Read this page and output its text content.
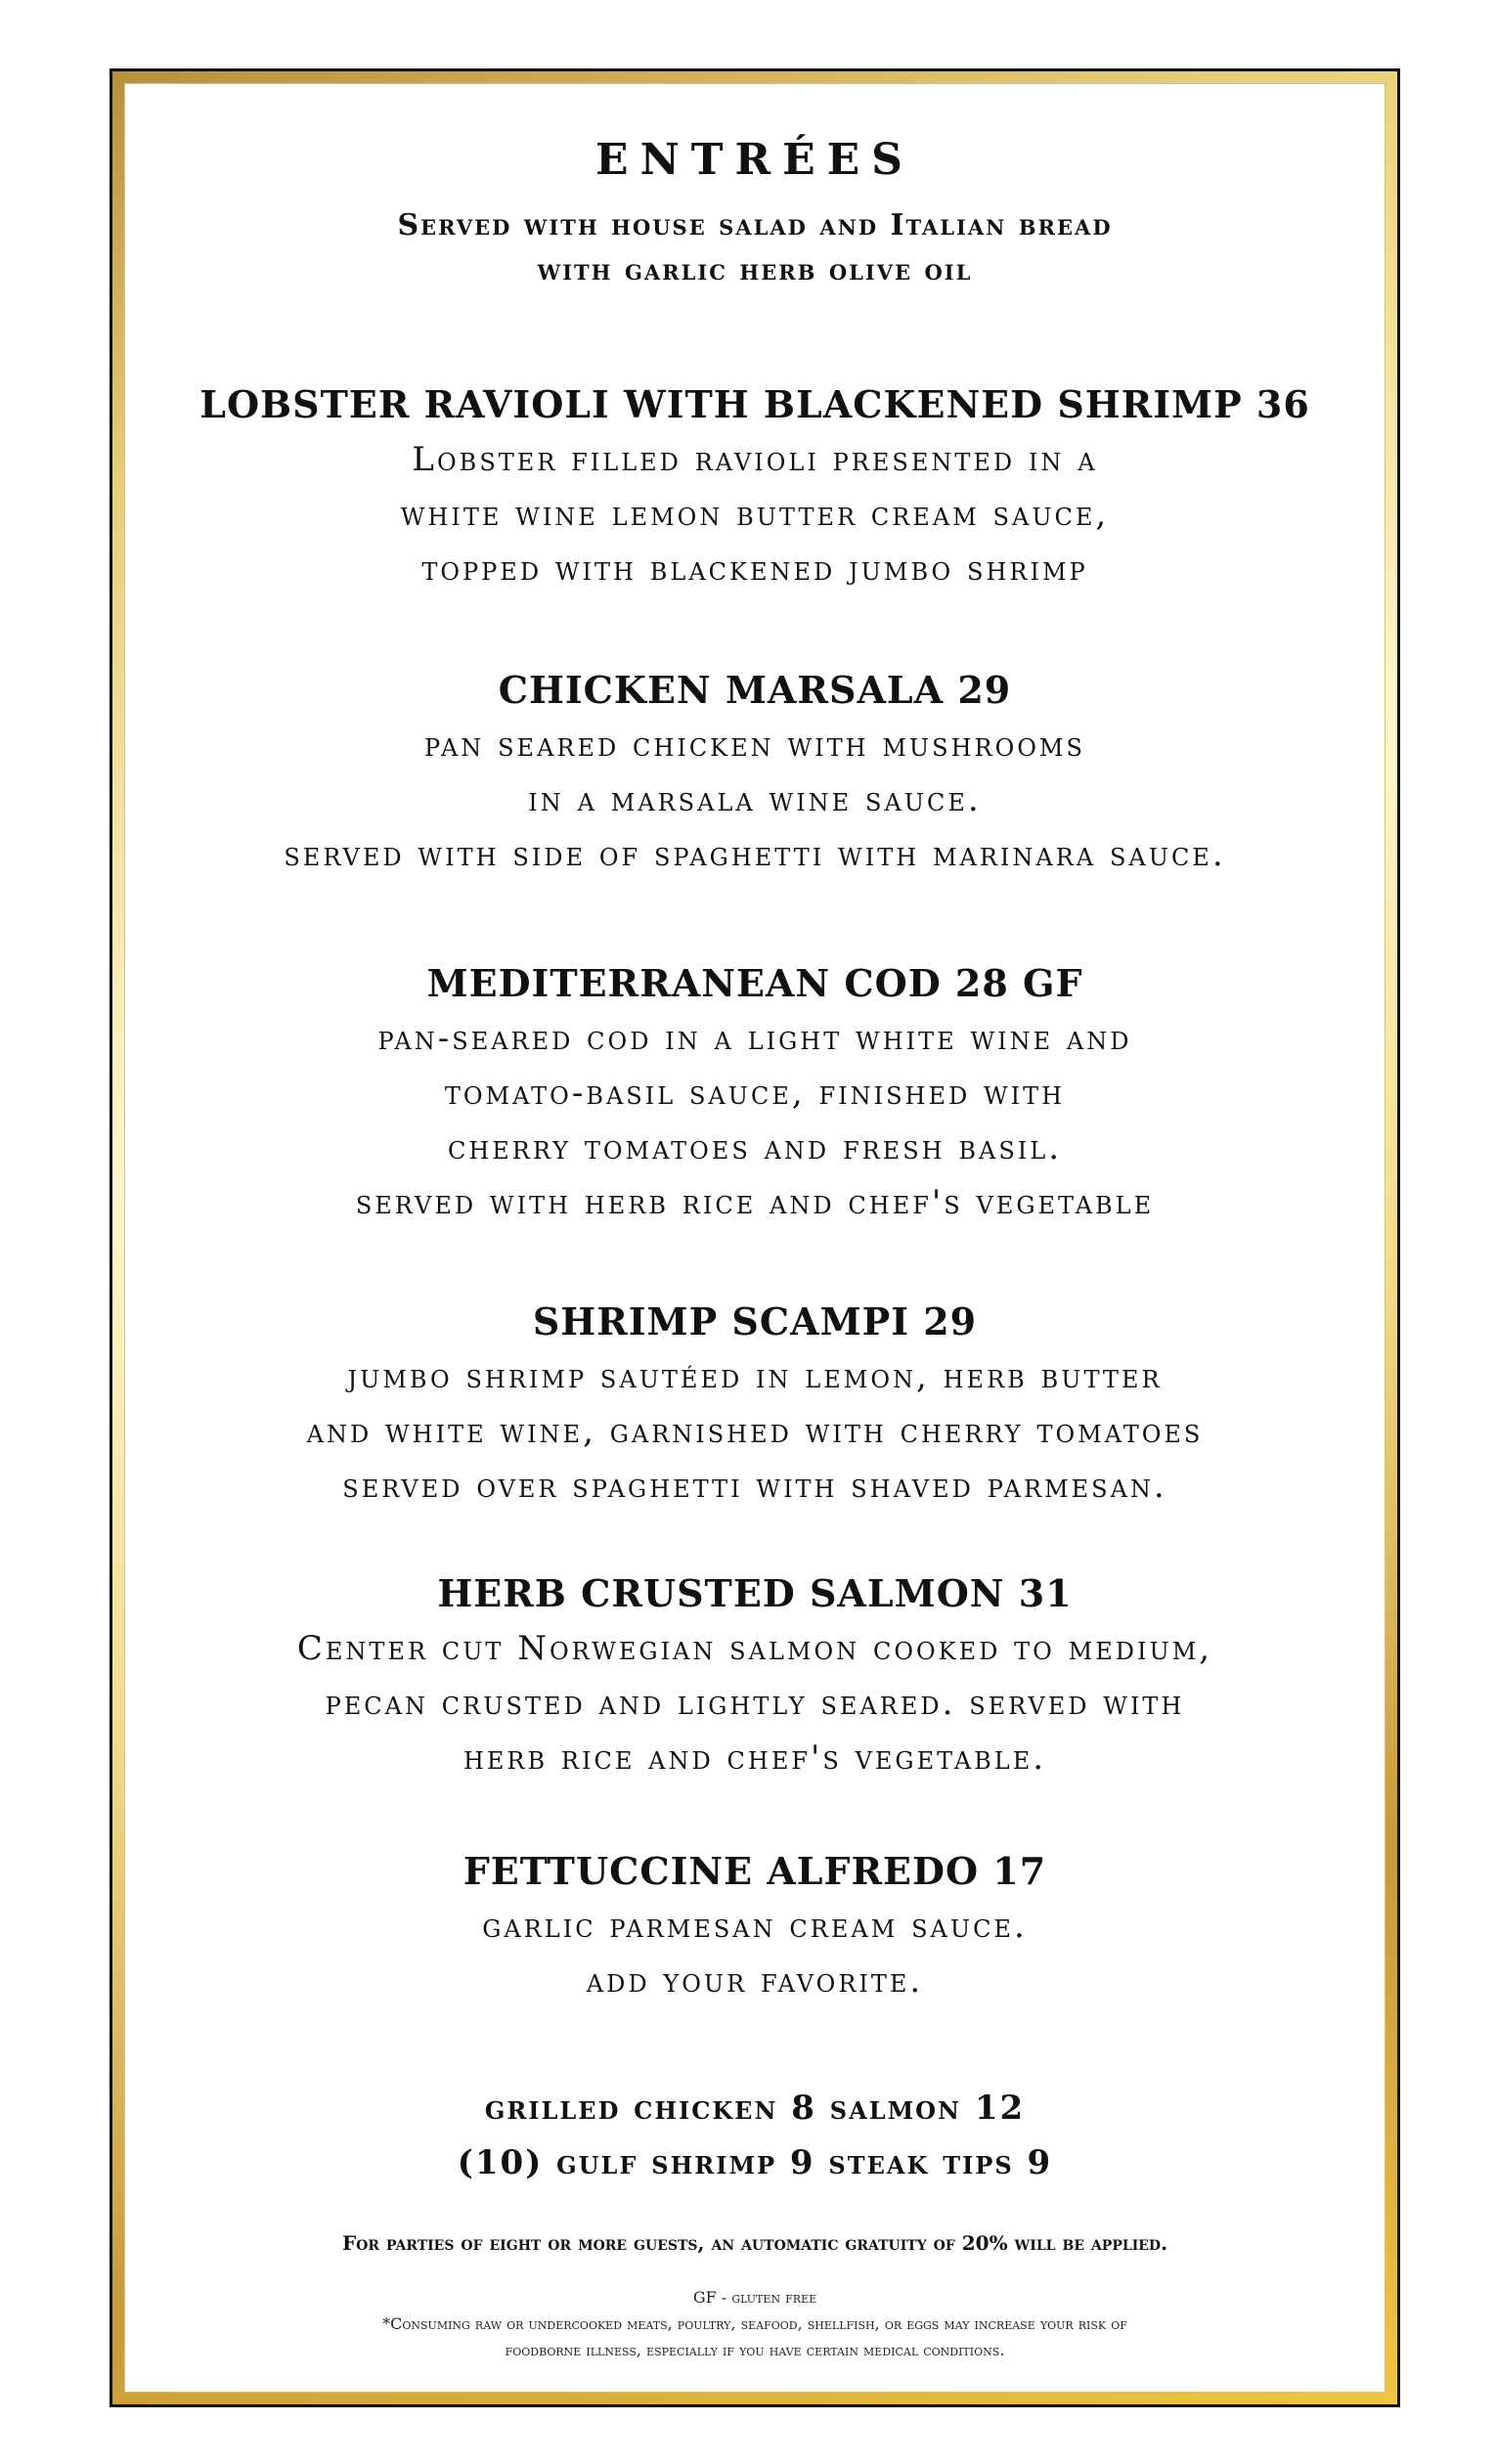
ENTRÉES
Served with house salad and Italian bread
with garlic herb olive oil
LOBSTER RAVIOLI WITH BLACKENED SHRIMP 36
Lobster filled ravioli presented in a
white wine lemon butter cream sauce,
topped with blackened jumbo shrimp
CHICKEN MARSALA 29
pan seared chicken with mushrooms
in a marsala wine sauce.
served with side of spaghetti with marinara sauce.
MEDITERRANEAN COD 28 GF
pan-seared cod in a light white wine and
tomato-basil sauce, finished with
cherry tomatoes and fresh basil.
served with herb rice and chef's vegetable
SHRIMP SCAMPI 29
jumbo shrimp sautéed in lemon, herb butter
and white wine, garnished with cherry tomatoes
served over spaghetti with shaved parmesan.
HERB CRUSTED SALMON 31
Center cut Norwegian salmon cooked to medium,
pecan crusted and lightly seared. served with
herb rice and chef's vegetable.
FETTUCCINE ALFREDO 17
garlic parmesan cream sauce.
add your favorite.
grilled chicken 8 salmon 12
(10) gulf shrimp 9 steak tips 9
For parties of eight or more guests, an automatic gratuity of 20% will be applied.
GF - gluten free
*Consuming raw or undercooked meats, poultry, seafood, shellfish, or eggs may increase your risk of
foodborne illness, especially if you have certain medical conditions.
